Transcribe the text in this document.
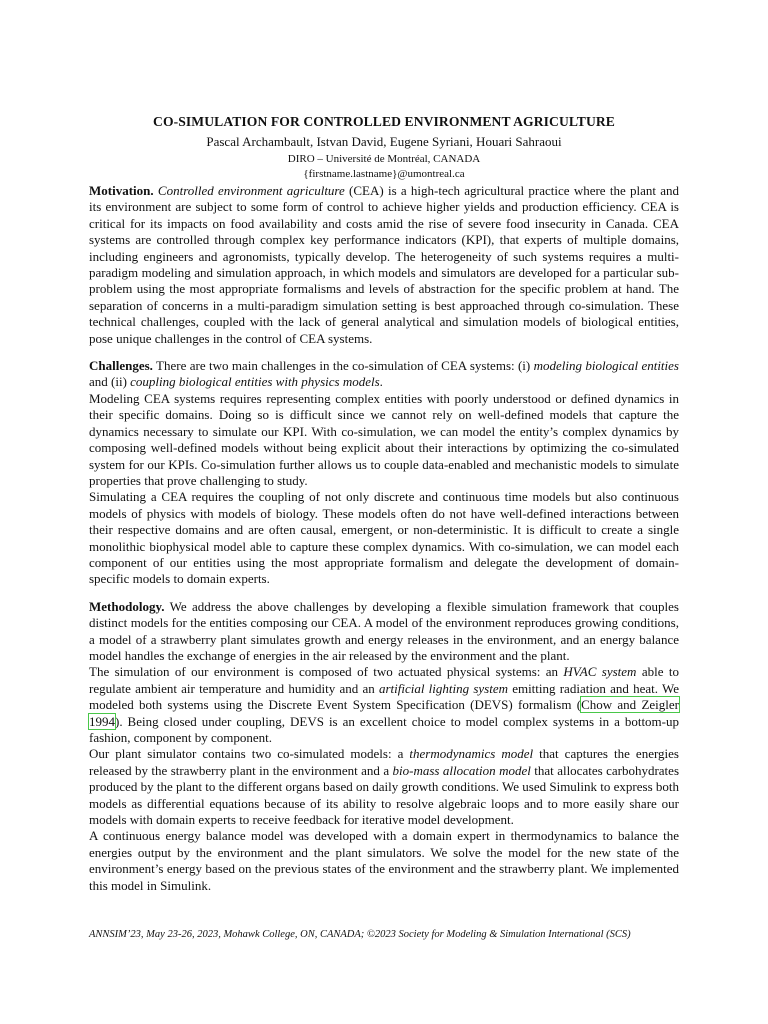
CO-SIMULATION FOR CONTROLLED ENVIRONMENT AGRICULTURE
Pascal Archambault, Istvan David, Eugene Syriani, Houari Sahraoui
DIRO – Université de Montréal, CANADA
{firstname.lastname}@umontreal.ca

Motivation. Controlled environment agriculture (CEA) is a high-tech agricultural practice where the plant and its environment are subject to some form of control to achieve higher yields and production efficiency. CEA is critical for its impacts on food availability and costs amid the rise of severe food insecurity in Canada. CEA systems are controlled through complex key performance indicators (KPI), that experts of multiple domains, including engineers and agronomists, typically develop. The heterogeneity of such systems requires a multi-paradigm modeling and simulation approach, in which models and simulators are developed for a particular sub-problem using the most appropriate formalisms and levels of abstraction for the specific problem at hand. The separation of concerns in a multi-paradigm simulation setting is best approached through co-simulation. These technical challenges, coupled with the lack of general analytical and simulation models of biological entities, pose unique challenges in the control of CEA systems.

Challenges. There are two main challenges in the co-simulation of CEA systems: (i) modeling biological entities and (ii) coupling biological entities with physics models.

Modeling CEA systems requires representing complex entities with poorly understood or defined dynamics in their specific domains. Doing so is difficult since we cannot rely on well-defined models that capture the dynamics necessary to simulate our KPI. With co-simulation, we can model the entity’s complex dynamics by composing well-defined models without being explicit about their interactions by optimizing the co-simulated system for our KPIs. Co-simulation further allows us to couple data-enabled and mechanistic models to simulate properties that prove challenging to study.

Simulating a CEA requires the coupling of not only discrete and continuous time models but also continuous models of physics with models of biology. These models often do not have well-defined interactions between their respective domains and are often causal, emergent, or non-deterministic. It is difficult to create a single monolithic biophysical model able to capture these complex dynamics. With co-simulation, we can model each component of our entities using the most appropriate formalism and delegate the development of domain-specific models to domain experts.

Methodology. We address the above challenges by developing a flexible simulation framework that couples distinct models for the entities composing our CEA. A model of the environment reproduces growing conditions, a model of a strawberry plant simulates growth and energy releases in the environment, and an energy balance model handles the exchange of energies in the air released by the environment and the plant.

The simulation of our environment is composed of two actuated physical systems: an HVAC system able to regulate ambient air temperature and humidity and an artificial lighting system emitting radiation and heat. We modeled both systems using the Discrete Event System Specification (DEVS) formalism (Chow and Zeigler 1994). Being closed under coupling, DEVS is an excellent choice to model complex systems in a bottom-up fashion, component by component.

Our plant simulator contains two co-simulated models: a thermodynamics model that captures the energies released by the strawberry plant in the environment and a bio-mass allocation model that allocates carbohydrates produced by the plant to the different organs based on daily growth conditions. We used Simulink to express both models as differential equations because of its ability to resolve algebraic loops and to more easily share our models with domain experts to receive feedback for iterative model development.

A continuous energy balance model was developed with a domain expert in thermodynamics to balance the energies output by the environment and the plant simulators. We solve the model for the new state of the environment’s energy based on the previous states of the environment and the strawberry plant. We implemented this model in Simulink.

ANNSIM’23, May 23-26, 2023, Mohawk College, ON, CANADA; ©2023 Society for Modeling & Simulation International (SCS)
